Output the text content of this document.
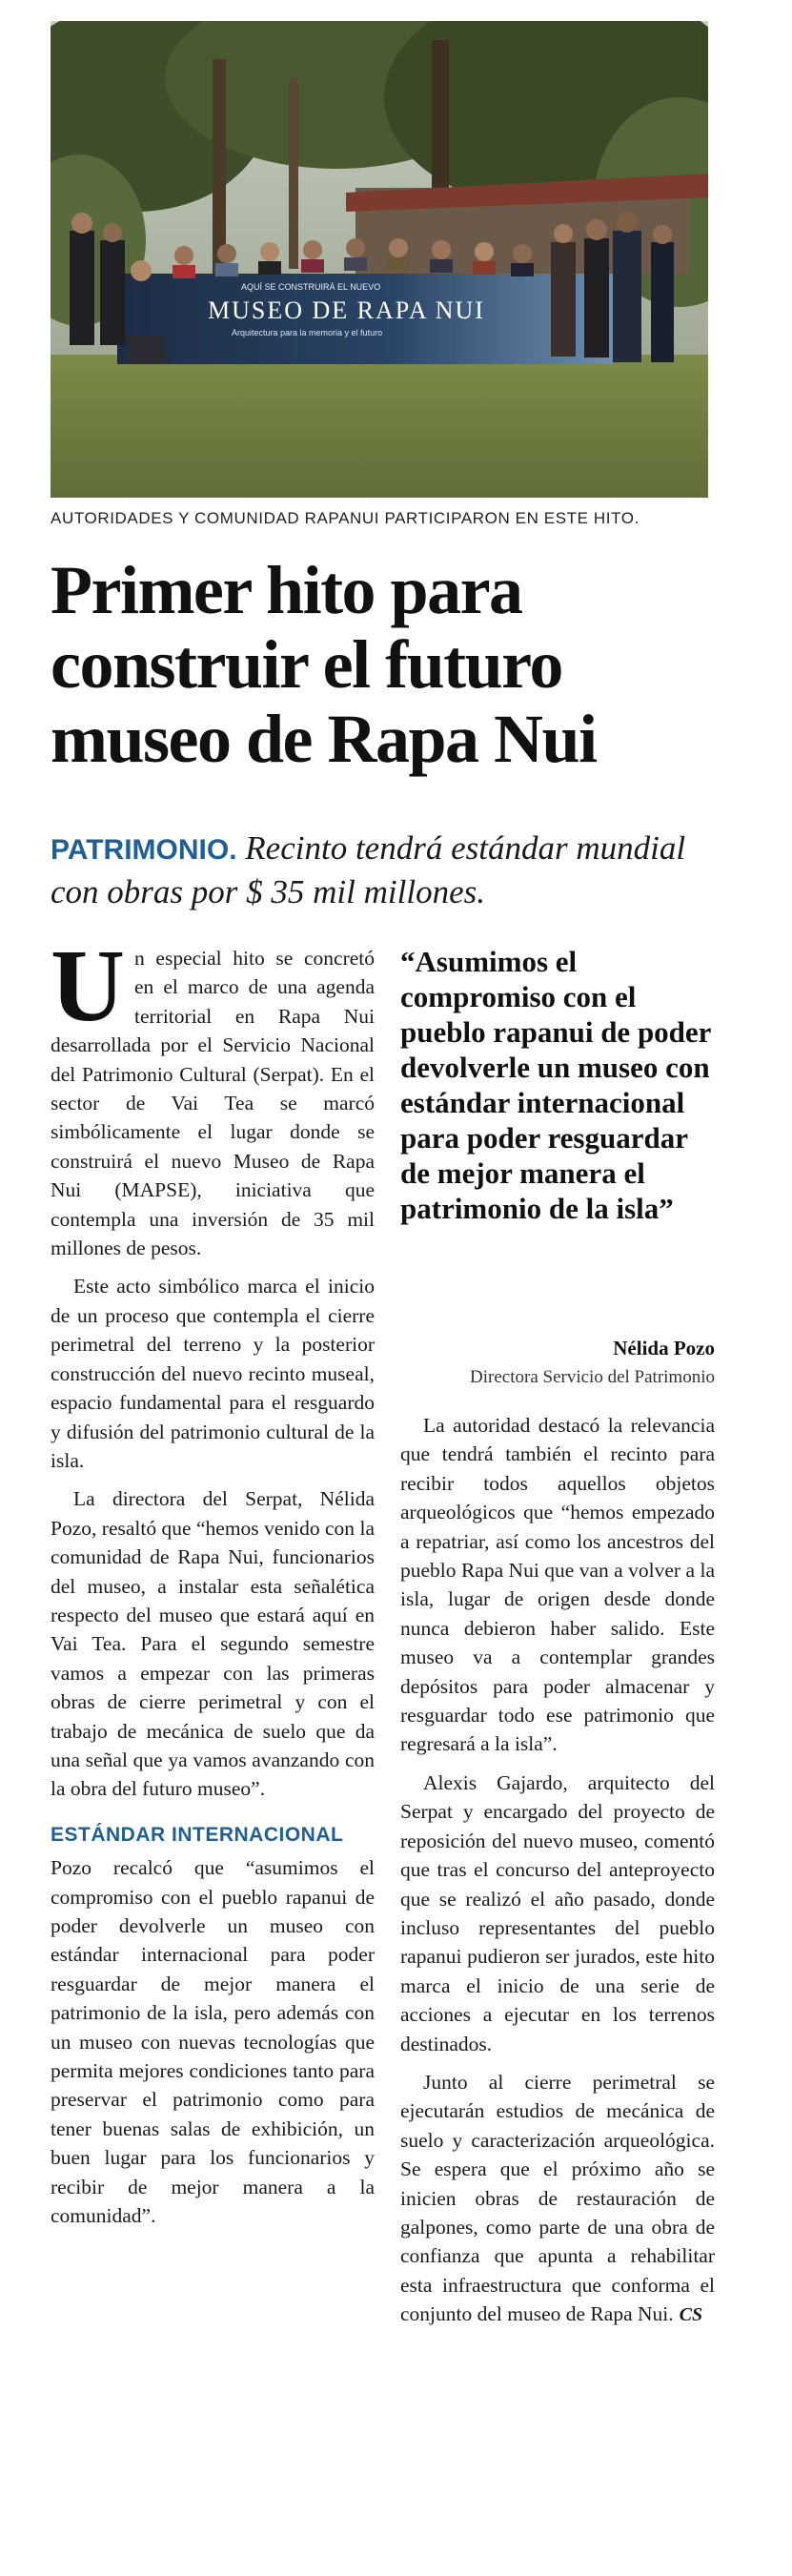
AQUÍ SE CONSTRUIRÁ EL NUEVO
MUSEO DE RAPA NUI
Arquitectura para la memoria y el futuro
AUTORIDADES Y COMUNIDAD RAPANUI PARTICIPARON EN ESTE HITO.
Primer hito para
construir el futuro
museo de Rapa Nui
PATRIMONIO. Recinto tendrá estándar mundial con obras por $ 35 mil millones.

Un especial hito se concretó en el marco de una agenda territorial en Rapa Nui desarrollada por el Servicio Nacional del Patrimonio Cultural (Serpat). En el sector de Vai Tea se marcó simbólicamente el lugar donde se construirá el nuevo Museo de Rapa Nui (MAPSE), iniciativa que contempla una inversión de 35 mil millones de pesos.

Este acto simbólico marca el inicio de un proceso que contempla el cierre perimetral del terreno y la posterior construcción del nuevo recinto museal, espacio fundamental para el resguardo y difusión del patrimonio cultural de la isla.

La directora del Serpat, Nélida Pozo, resaltó que “hemos venido con la comunidad de Rapa Nui, funcionarios del museo, a instalar esta señalética respecto del museo que estará aquí en Vai Tea. Para el segundo semestre vamos a empezar con las primeras obras de cierre perimetral y con el trabajo de mecánica de suelo que da una señal que ya vamos avanzando con la obra del futuro museo”.

ESTÁNDAR INTERNACIONAL

Pozo recalcó que “asumimos el compromiso con el pueblo rapanui de poder devolverle un museo con estándar internacional para poder resguardar de mejor manera el patrimonio de la isla, pero además con un museo con nuevas tecnologías que permita mejores condiciones tanto para preservar el patrimonio como para tener buenas salas de exhibición, un buen lugar para los funcionarios y recibir de mejor manera a la comunidad”.

“Asumimos el compromiso con el pueblo rapanui de poder devolverle un museo con estándar internacional para poder resguardar de mejor manera el patrimonio de la isla”
Nélida Pozo
Directora Servicio del Patrimonio

La autoridad destacó la relevancia que tendrá también el recinto para recibir todos aquellos objetos arqueológicos que “hemos empezado a repatriar, así como los ancestros del pueblo Rapa Nui que van a volver a la isla, lugar de origen desde donde nunca debieron haber salido. Este museo va a contemplar grandes depósitos para poder almacenar y resguardar todo ese patrimonio que regresará a la isla”.

Alexis Gajardo, arquitecto del Serpat y encargado del proyecto de reposición del nuevo museo, comentó que tras el concurso del anteproyecto que se realizó el año pasado, donde incluso representantes del pueblo rapanui pudieron ser jurados, este hito marca el inicio de una serie de acciones a ejecutar en los terrenos destinados.

Junto al cierre perimetral se ejecutarán estudios de mecánica de suelo y caracterización arqueológica. Se espera que el próximo año se inicien obras de restauración de galpones, como parte de una obra de confianza que apunta a rehabilitar esta infraestructura que conforma el conjunto del museo de Rapa Nui. CS
